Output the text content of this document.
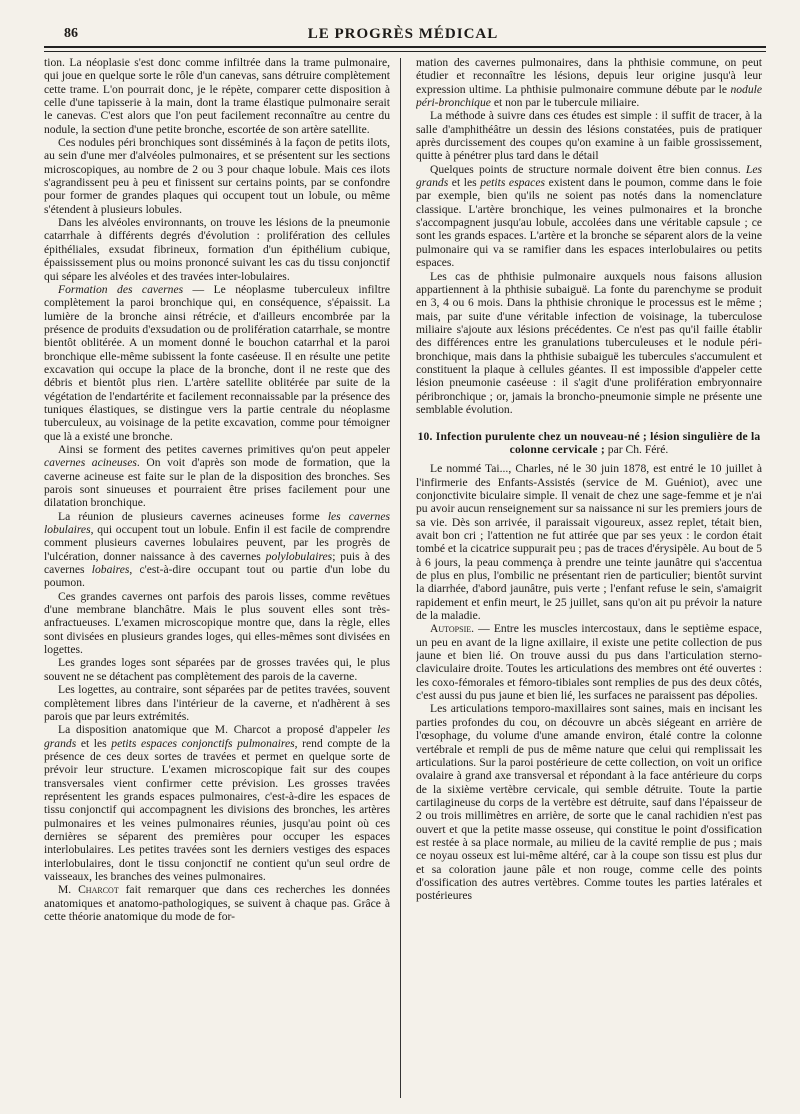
86	LE PROGRÈS MÉDICAL

tion. La néoplasie s'est donc comme infiltrée dans la trame pulmonaire, qui joue en quelque sorte le rôle d'un canevas, sans détruire complètement cette trame. L'on pourrait donc, je le répète, comparer cette disposition à celle d'une tapisserie à la main, dont la trame élastique pulmonaire serait le canevas. C'est alors que l'on peut facilement reconnaître au centre du nodule, la section d'une petite bronche, escortée de son artère satellite.

Ces nodules péri bronchiques sont disséminés à la façon de petits ilots, au sein d'une mer d'alvéoles pulmonaires, et se présentent sur les sections microscopiques, au nombre de 2 ou 3 pour chaque lobule. Mais ces ilots s'agrandissent peu à peu et finissent sur certains points, par se confondre pour former de grandes plaques qui occupent tout un lobule, ou même s'étendent à plusieurs lobules.

Dans les alvéoles environnants, on trouve les lésions de la pneumonie catarrhale à différents degrés d'évolution : prolifération des cellules épithéliales, exsudat fibrineux, formation d'un épithélium cubique, épaississement plus ou moins prononcé suivant les cas du tissu conjonctif qui sépare les alvéoles et des travées inter-lobulaires.

Formation des cavernes — Le néoplasme tuberculeux infiltre complètement la paroi bronchique qui, en conséquence, s'épaissit. La lumière de la bronche ainsi rétrécie, et d'ailleurs encombrée par la présence de produits d'exsudation ou de prolifération catarrhale, se montre bientôt oblitérée. A un moment donné le bouchon catarrhal et la paroi bronchique elle-même subissent la fonte caséeuse. Il en résulte une petite excavation qui occupe la place de la bronche, dont il ne reste que des débris et bientôt plus rien. L'artère satellite oblitérée par suite de la végétation de l'endartérite et facilement reconnaissable par la présence des tuniques élastiques, se distingue vers la partie centrale du néoplasme tuberculeux, au voisinage de la petite excavation, comme pour témoigner que là a existé une bronche.

Ainsi se forment des petites cavernes primitives qu'on peut appeler cavernes acineuses. On voit d'après son mode de formation, que la caverne acineuse est faite sur le plan de la disposition des bronches. Ses parois sont sinueuses et pourraient être prises facilement pour une dilatation bronchique.

La réunion de plusieurs cavernes acineuses forme les cavernes lobulaires, qui occupent tout un lobule. Enfin il est facile de comprendre comment plusieurs cavernes lobulaires peuvent, par les progrès de l'ulcération, donner naissance à des cavernes polylobulaires; puis à des cavernes lobaires, c'est-à-dire occupant tout ou partie d'un lobe du poumon.

Ces grandes cavernes ont parfois des parois lisses, comme revêtues d'une membrane blanchâtre. Mais le plus souvent elles sont très-anfractueuses. L'examen microscopique montre que, dans la règle, elles sont divisées en plusieurs grandes loges, qui elles-mêmes sont divisées en logettes.

Les grandes loges sont séparées par de grosses travées qui, le plus souvent ne se détachent pas complètement des parois de la caverne.

Les logettes, au contraire, sont séparées par de petites travées, souvent complètement libres dans l'intérieur de la caverne, et n'adhèrent à ses parois que par leurs extrémités.

La disposition anatomique que M. Charcot a proposé d'appeler les grands et les petits espaces conjonctifs pulmonaires, rend compte de la présence de ces deux sortes de travées et permet en quelque sorte de prévoir leur structure. L'examen microscopique fait sur des coupes transversales vient confirmer cette prévision. Les grosses travées représentent les grands espaces pulmonaires, c'est-à-dire les espaces de tissu conjonctif qui accompagnent les divisions des bronches, les artères pulmonaires et les veines pulmonaires réunies, jusqu'au point où ces dernières se séparent des premières pour occuper les espaces interlobulaires. Les petites travées sont les derniers vestiges des espaces interlobulaires, dont le tissu conjonctif ne contient qu'un seul ordre de vaisseaux, les branches des veines pulmonaires.

M. Charcot fait remarquer que dans ces recherches les données anatomiques et anatomo-pathologiques, se suivent à chaque pas. Grâce à cette théorie anatomique du mode de for-

mation des cavernes pulmonaires, dans la phthisie commune, on peut étudier et reconnaître les lésions, depuis leur origine jusqu'à leur expression ultime. La phthisie pulmonaire commune débute par le nodule péri-bronchique et non par le tubercule miliaire.

La méthode à suivre dans ces études est simple : il suffit de tracer, à la salle d'amphithéâtre un dessin des lésions constatées, puis de pratiquer après durcissement des coupes qu'on examine à un faible grossissement, quitte à pénétrer plus tard dans le détail

Quelques points de structure normale doivent être bien connus. Les grands et les petits espaces existent dans le poumon, comme dans le foie par exemple, bien qu'ils ne soient pas notés dans la nomenclature classique. L'artère bronchique, les veines pulmonaires et la bronche s'accompagnent jusqu'au lobule, accolées dans une véritable capsule ; ce sont les grands espaces. L'artère et la bronche se séparent alors de la veine pulmonaire qui va se ramifier dans les espaces interlobulaires ou petits espaces.

Les cas de phthisie pulmonaire auxquels nous faisons allusion appartiennent à la phthisie subaiguë. La fonte du parenchyme se produit en 3, 4 ou 6 mois. Dans la phthisie chronique le processus est le même ; mais, par suite d'une véritable infection de voisinage, la tuberculose miliaire s'ajoute aux lésions précédentes. Ce n'est pas qu'il faille établir des différences entre les granulations tuberculeuses et le nodule péri-bronchique, mais dans la phthisie subaiguë les tubercules s'accumulent et constituent la plaque à cellules géantes. Il est impossible d'appeler cette lésion pneumonie caséeuse : il s'agit d'une prolifération embryonnaire péribronchique ; or, jamais la broncho-pneumonie simple ne présente une semblable évolution.

10. Infection purulente chez un nouveau-né ; lésion singulière de la colonne cervicale ; par Ch. Féré.

Le nommé Tai..., Charles, né le 30 juin 1878, est entré le 10 juillet à l'infirmerie des Enfants-Assistés (service de M. Guéniot), avec une conjonctivite biculaire simple. Il venait de chez une sage-femme et je n'ai pu avoir aucun renseignement sur sa naissance ni sur les premiers jours de sa vie. Dès son arrivée, il paraissait vigoureux, assez replet, tétait bien, avait bon cri ; l'attention ne fut attirée que par ses yeux : le cordon était tombé et la cicatrice suppurait peu ; pas de traces d'érysipèle. Au bout de 5 à 6 jours, la peau commença à prendre une teinte jaunâtre qui s'accentua de plus en plus, l'ombilic ne présentant rien de particulier; bientôt survint la diarrhée, d'abord jaunâtre, puis verte ; l'enfant refuse le sein, s'amaigrit rapidement et enfin meurt, le 25 juillet, sans qu'on ait pu prévoir la nature de la maladie.

Autopsie. — Entre les muscles intercostaux, dans le septième espace, un peu en avant de la ligne axillaire, il existe une petite collection de pus jaune et bien lié. On trouve aussi du pus dans l'articulation sterno-claviculaire droite. Toutes les articulations des membres ont été ouvertes : les coxo-fémorales et fémoro-tibiales sont remplies de pus des deux côtés, c'est aussi du pus jaune et bien lié, les surfaces ne paraissent pas dépolies.

Les articulations temporo-maxillaires sont saines, mais en incisant les parties profondes du cou, on découvre un abcès siégeant en arrière de l'œsophage, du volume d'une amande environ, étalé contre la colonne vertébrale et rempli de pus de même nature que celui qui remplissait les articulations. Sur la paroi postérieure de cette collection, on voit un orifice ovalaire à grand axe transversal et répondant à la face antérieure du corps de la sixième vertèbre cervicale, qui semble détruite. Toute la partie cartilagineuse du corps de la vertèbre est détruite, sauf dans l'épaisseur de 2 ou trois millimètres en arrière, de sorte que le canal rachidien n'est pas ouvert et que la petite masse osseuse, qui constitue le point d'ossification est restée à sa place normale, au milieu de la cavité remplie de pus ; mais ce noyau osseux est lui-même altéré, car à la coupe son tissu est plus dur et sa coloration jaune pâle et non rouge, comme celle des points d'ossification des autres vertèbres. Comme toutes les parties latérales et postérieures
